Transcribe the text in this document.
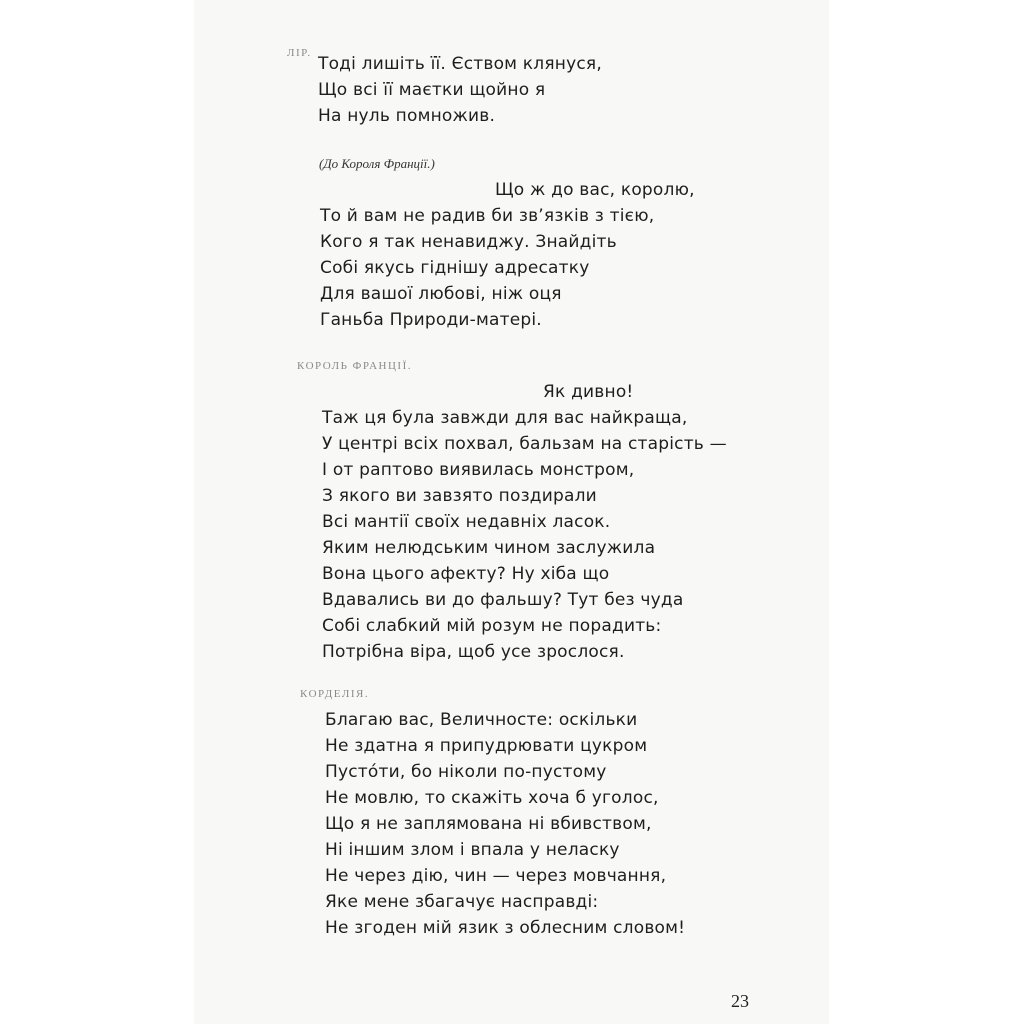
ЛІР.
Тоді лишіть її. Єством клянуся,
Що всі її маєтки щойно я
На нуль помножив.
(До Короля Франції.)
Що ж до вас, королю,
То й вам не радив би зв’язків з тією,
Кого я так ненавиджу. Знайдіть
Собі якусь гіднішу адресатку
Для вашої любові, ніж оця
Ганьба Природи-матері.
КОРОЛЬ ФРАНЦІЇ.
Як дивно!
Таж ця була завжди для вас найкраща,
У центрі всіх похвал, бальзам на старість —
І от раптово виявилась монстром,
З якого ви завзято поздирали
Всі мантії своїх недавніх ласок.
Яким нелюдським чином заслужила
Вона цього афекту? Ну хіба що
Вдавались ви до фальшу? Тут без чуда
Собі слабкий мій розум не порадить:
Потрібна віра, щоб усе зрослося.
КОРДЕЛІЯ.
Благаю вас, Величносте: оскільки
Не здатна я припудрювати цукром
Пустóти, бо ніколи по-пустому
Не мовлю, то скажіть хоча б уголос,
Що я не заплямована ні вбивством,
Ні іншим злом і впала у неласку
Не через дію, чин — через мовчання,
Яке мене збагачує насправді:
Не згоден мій язик з облесним словом!
23
